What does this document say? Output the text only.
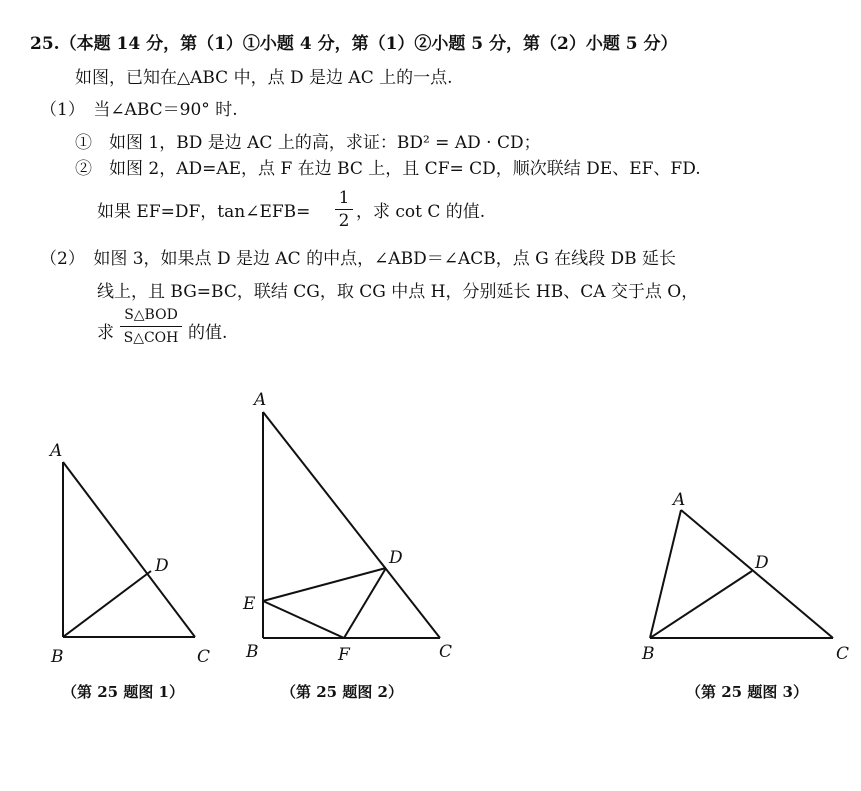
25.（本题 14 分，第（1）①小题 4 分，第（1）②小题 5 分，第（2）小题 5 分）
如图，已知在△ABC 中，点 D 是边 AC 上的一点.
（1）　当∠ABC＝90° 时.
①　如图 1，BD 是边 AC 上的高，求证：BD² = AD · CD；
②　如图 2，AD=AE，点 F 在边 BC 上，且 CF= CD，顺次联结 DE、EF、FD.
如果 EF=DF，tan∠EFB=
1
2 ，求 cot C 的值.
（2）　如图 3，如果点 D 是边 AC 的中点，∠ABD＝∠ACB，点 G 在线段 DB 延长
线上，且 BG=BC，联结 CG，取 CG 中点 H，分别延长 HB、CA 交于点 O，
求
S△BOD
S△COH 的值.
A
B	C
D
A
B	C
D
E
F
A
B	C
D
（第 25 题图 1）	（第 25 题图 2）	（第 25 题图 3）
